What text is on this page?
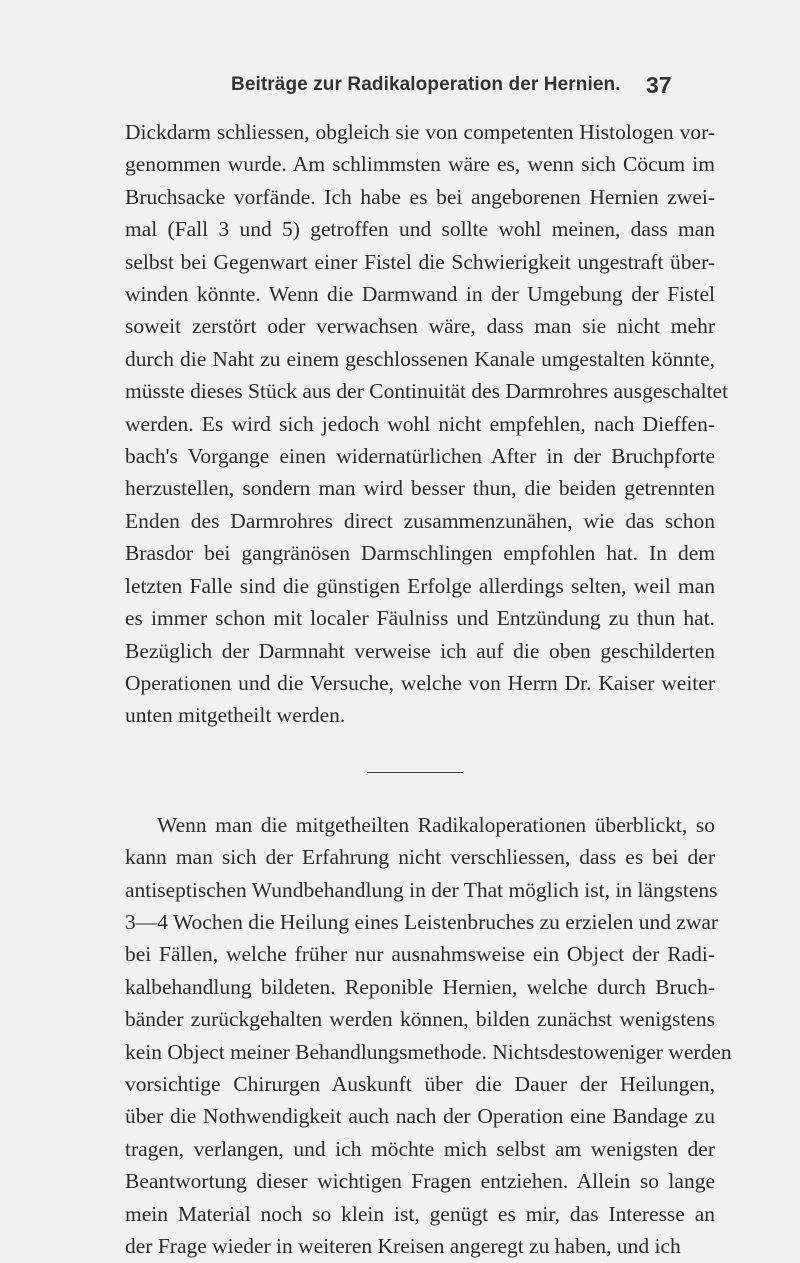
Beiträge zur Radikaloperation der Hernien. 37
Dickdarm schliessen, obgleich sie von competenten Histologen vor-
genommen wurde. Am schlimmsten wäre es, wenn sich Cöcum im
Bruchsacke vorfände. Ich habe es bei angeborenen Hernien zwei-
mal (Fall 3 und 5) getroffen und sollte wohl meinen, dass man
selbst bei Gegenwart einer Fistel die Schwierigkeit ungestraft über-
winden könnte. Wenn die Darmwand in der Umgebung der Fistel
soweit zerstört oder verwachsen wäre, dass man sie nicht mehr
durch die Naht zu einem geschlossenen Kanale umgestalten könnte,
müsste dieses Stück aus der Continuität des Darmrohres ausgeschaltet
werden. Es wird sich jedoch wohl nicht empfehlen, nach Dieffen-
bach's Vorgange einen widernatürlichen After in der Bruchpforte
herzustellen, sondern man wird besser thun, die beiden getrennten
Enden des Darmrohres direct zusammenzunähen, wie das schon
Brasdor bei gangränösen Darmschlingen empfohlen hat. In dem
letzten Falle sind die günstigen Erfolge allerdings selten, weil man
es immer schon mit localer Fäulniss und Entzündung zu thun hat.
Bezüglich der Darmnaht verweise ich auf die oben geschilderten
Operationen und die Versuche, welche von Herrn Dr. Kaiser weiter
unten mitgetheilt werden.
Wenn man die mitgetheilten Radikaloperationen überblickt, so
kann man sich der Erfahrung nicht verschliessen, dass es bei der
antiseptischen Wundbehandlung in der That möglich ist, in längstens
3—4 Wochen die Heilung eines Leistenbruches zu erzielen und zwar
bei Fällen, welche früher nur ausnahmsweise ein Object der Radi-
kalbehandlung bildeten. Reponible Hernien, welche durch Bruch-
bänder zurückgehalten werden können, bilden zunächst wenigstens
kein Object meiner Behandlungsmethode. Nichtsdestoweniger werden
vorsichtige Chirurgen Auskunft über die Dauer der Heilungen,
über die Nothwendigkeit auch nach der Operation eine Bandage zu
tragen, verlangen, und ich möchte mich selbst am wenigsten der
Beantwortung dieser wichtigen Fragen entziehen. Allein so lange
mein Material noch so klein ist, genügt es mir, das Interesse an
der Frage wieder in weiteren Kreisen angeregt zu haben, und ich
